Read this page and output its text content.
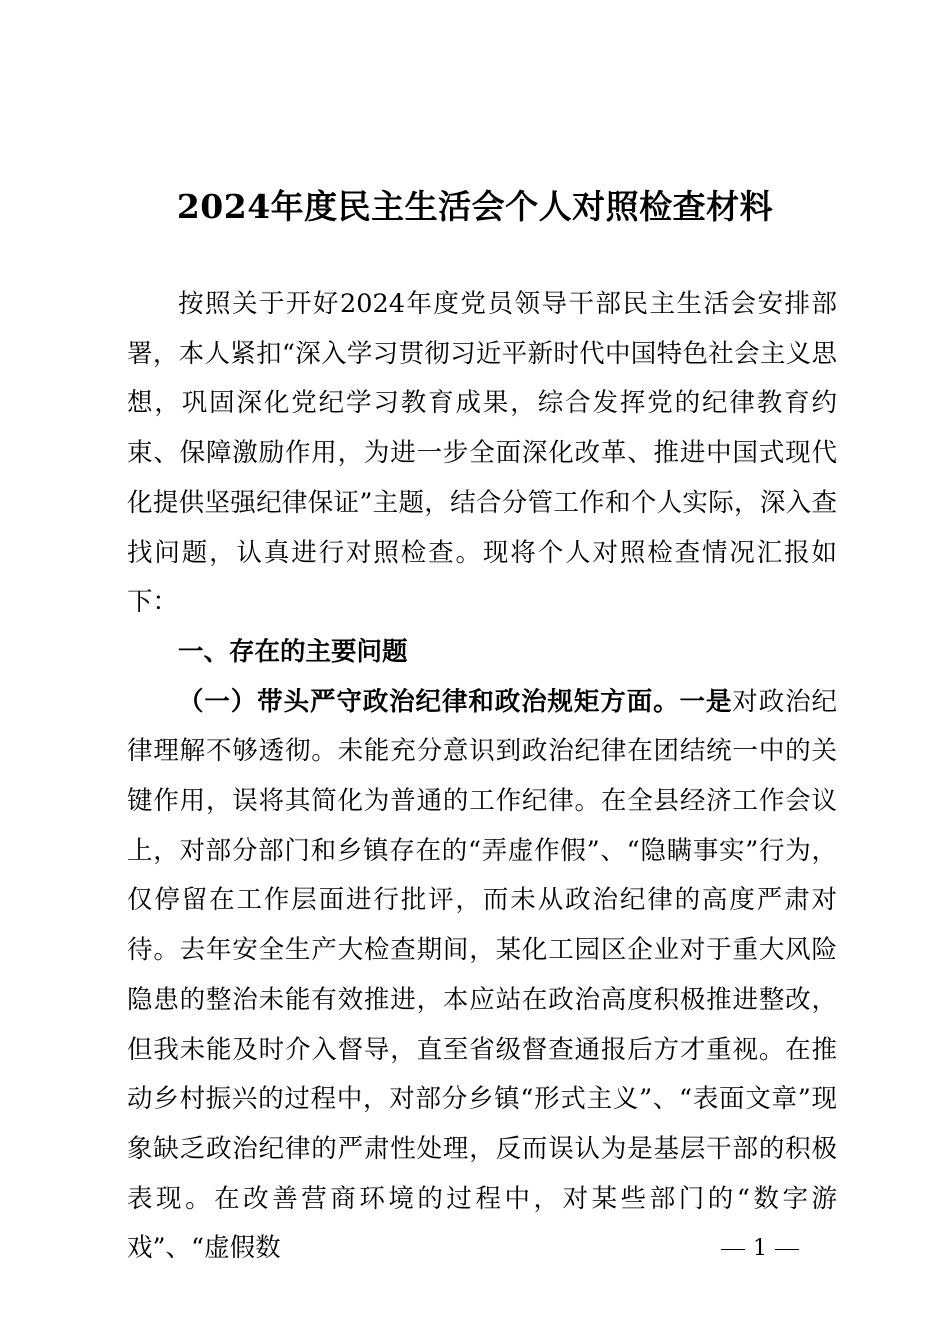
2024年度民主生活会个人对照检查材料

按照关于开好2024年度党员领导干部民主生活会安排部署，本人紧扣“深入学习贯彻习近平新时代中国特色社会主义思想，巩固深化党纪学习教育成果，综合发挥党的纪律教育约束、保障激励作用，为进一步全面深化改革、推进中国式现代化提供坚强纪律保证”主题，结合分管工作和个人实际，深入查找问题，认真进行对照检查。现将个人对照检查情况汇报如下：

一、存在的主要问题

（一）带头严守政治纪律和政治规矩方面。一是对政治纪律理解不够透彻。未能充分意识到政治纪律在团结统一中的关键作用，误将其简化为普通的工作纪律。在全县经济工作会议上，对部分部门和乡镇存在的“弄虚作假”、“隐瞒事实”行为，仅停留在工作层面进行批评，而未从政治纪律的高度严肃对待。去年安全生产大检查期间，某化工园区企业对于重大风险隐患的整治未能有效推进，本应站在政治高度积极推进整改，但我未能及时介入督导，直至省级督查通报后方才重视。在推动乡村振兴的过程中，对部分乡镇“形式主义”、“表面文章”现象缺乏政治纪律的严肃性处理，反而误认为是基层干部的积极表现。在改善营商环境的过程中，对某些部门的“数字游戏”、“虚假数	1
